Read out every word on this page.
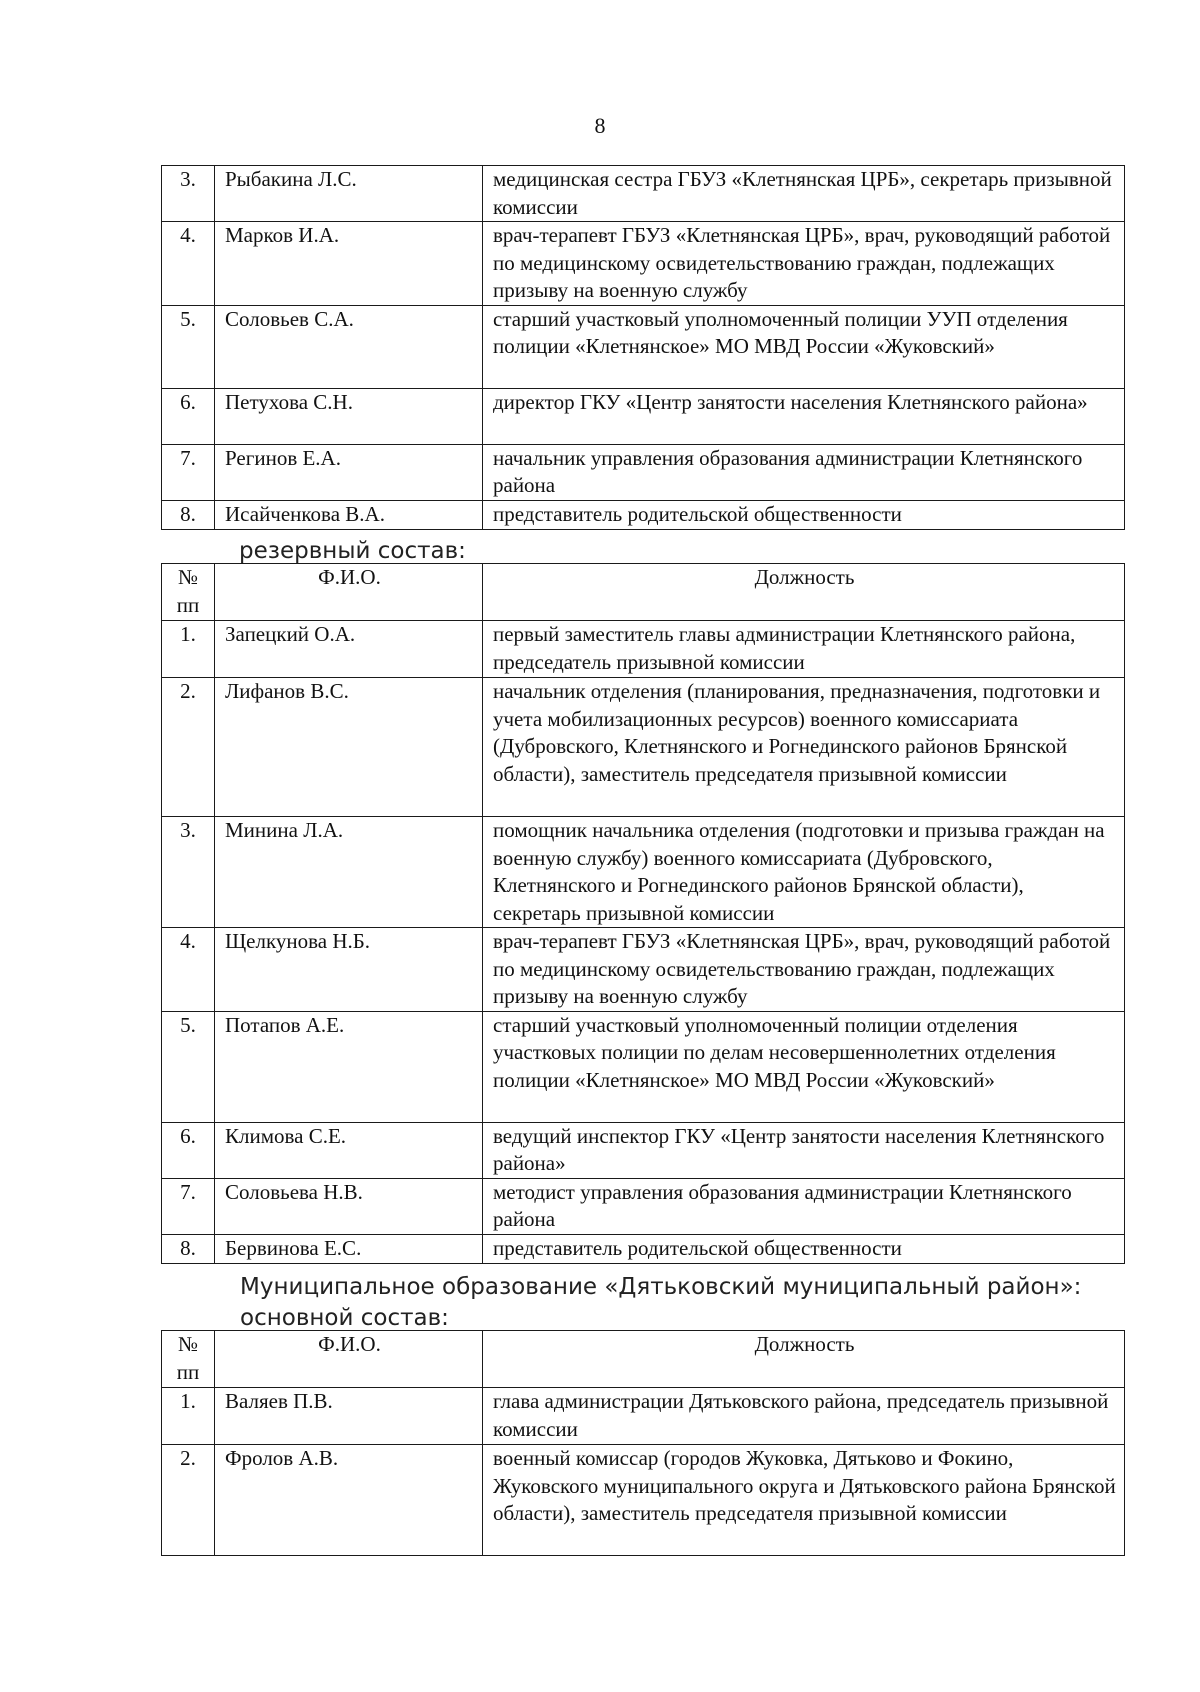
8
3.	Рыбакина Л.С.	медицинская сестра ГБУЗ «Клетнянская ЦРБ», секретарь призывной комиссии
4.	Марков И.А.	врач-терапевт ГБУЗ «Клетнянская ЦРБ», врач, руководящий работой по медицинскому освидетельствованию граждан, подлежащих призыву на военную службу
5.	Соловьев С.А.	старший участковый уполномоченный полиции УУП отделения полиции «Клетнянское» МО МВД России «Жуковский»
6.	Петухова С.Н.	директор ГКУ «Центр занятости населения Клетнянского района»
7.	Регинов Е.А.	начальник управления образования администрации Клетнянского района
8.	Исайченкова В.А.	представитель родительской общественности
резервный состав:
№ пп	Ф.И.О.	Должность
1.	Запецкий О.А.	первый заместитель главы администрации Клетнянского района, председатель призывной комиссии
2.	Лифанов В.С.	начальник отделения (планирования, предназначения, подготовки и учета мобилизационных ресурсов) военного комиссариата (Дубровского, Клетнянского и Рогнединского районов Брянской области), заместитель председателя призывной комиссии
3.	Минина Л.А.	помощник начальника отделения (подготовки и призыва граждан на военную службу) военного комиссариата (Дубровского, Клетнянского и Рогнединского районов Брянской области), секретарь призывной комиссии
4.	Щелкунова Н.Б.	врач-терапевт ГБУЗ «Клетнянская ЦРБ», врач, руководящий работой по медицинскому освидетельствованию граждан, подлежащих призыву на военную службу
5.	Потапов А.Е.	старший участковый уполномоченный полиции отделения участковых полиции по делам несовершеннолетних отделения полиции «Клетнянское» МО МВД России «Жуковский»
6.	Климова С.Е.	ведущий инспектор ГКУ «Центр занятости населения Клетнянского района»
7.	Соловьева Н.В.	методист управления образования администрации Клетнянского района
8.	Бервинова Е.С.	представитель родительской общественности
Муниципальное образование «Дятьковский муниципальный район»:
основной состав:
№ пп	Ф.И.О.	Должность
1.	Валяев П.В.	глава администрации Дятьковского района, председатель призывной комиссии
2.	Фролов А.В.	военный комиссар (городов Жуковка, Дятьково и Фокино, Жуковского муниципального округа и Дятьковского района Брянской области), заместитель председателя призывной комиссии
